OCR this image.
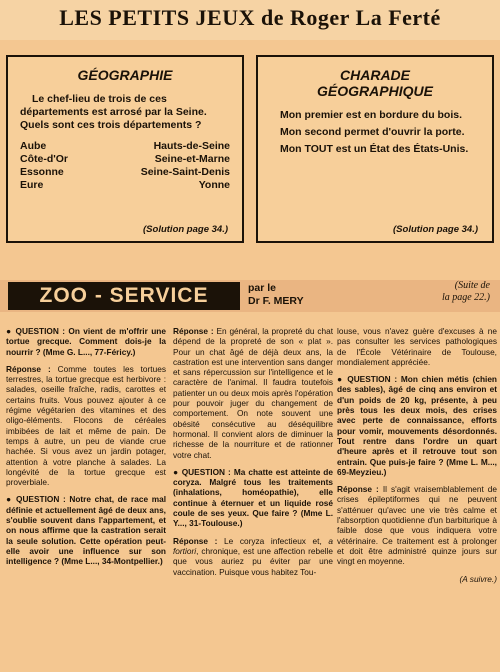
LES PETITS JEUX de Roger La Ferté
GÉOGRAPHIE

Le chef-lieu de trois de ces départements est arrosé par la Seine. Quels sont ces trois départements ?

Aube	Hauts-de-Seine
Côte-d'Or	Seine-et-Marne
Essonne	Seine-Saint-Denis
Eure	Yonne
(Solution page 34.)
CHARADE
GÉOGRAPHIQUE

Mon premier est en bordure du bois.

Mon second permet d'ouvrir la porte.

Mon TOUT est un État des États-Unis.

(Solution page 34.)
ZOO - SERVICE	par le
Dr F. MERY
(Suite de
la page 22.)

● QUESTION : On vient de m'offrir une tortue grecque. Comment dois-je la nourrir ? (Mme G. L..., 77-Féricy.)

Réponse : Comme toutes les tortues terrestres, la tortue grecque est herbivore : salades, oseille fraîche, radis, carottes et certains fruits. Vous pouvez ajouter à ce régime végétarien des vitamines et des oligo-éléments. Flocons de céréales imbibées de lait et même de pain. De temps à autre, un peu de viande crue hachée. Si vous avez un jardin potager, attention à votre planche à salades. La longévité de la tortue grecque est proverbiale.

● QUESTION : Notre chat, de race mal définie et actuellement âgé de deux ans, s'oublie souvent dans l'appartement, et on nous affirme que la castration serait la seule solution. Cette opération peut-elle avoir une influence sur son intelligence ? (Mme L..., 34-Montpellier.)

Réponse : En général, la propreté du chat dépend de la propreté de son « plat ». Pour un chat âgé de déjà deux ans, la castration est une intervention sans danger et sans répercussion sur l'intelligence et le caractère de l'animal. Il faudra toutefois patienter un ou deux mois après l'opération pour pouvoir juger du changement de comportement. On note souvent une obésité consécutive au déséquilibre hormonal. Il convient alors de diminuer la richesse de la nourriture et de rationner votre chat.

● QUESTION : Ma chatte est atteinte de coryza. Malgré tous les traitements (inhalations, homéopathie), elle continue à éternuer et un liquide rosé coule de ses yeux. Que faire ? (Mme L. Y..., 31-Toulouse.)

Réponse : Le coryza infectieux et, a fortiori, chronique, est une affection rebelle que vous auriez pu éviter par une vaccination. Puisque vous habitez Tou-

louse, vous n'avez guère d'excuses à ne pas consulter les services pathologiques de l'École Vétérinaire de Toulouse, mondialement appréciée.

● QUESTION : Mon chien métis (chien des sables), âgé de cinq ans environ et d'un poids de 20 kg, présente, à peu près tous les deux mois, des crises avec perte de connaissance, efforts pour vomir, mouvements désordonnés. Tout rentre dans l'ordre un quart d'heure après et il retrouve tout son entrain. Que puis-je faire ? (Mme L. M..., 69-Meyzieu.)

Réponse : Il s'agit vraisemblablement de crises épileptiformes qui ne peuvent s'atténuer qu'avec une vie très calme et l'absorption quotidienne d'un barbiturique à faible dose que vous indiquera votre vétérinaire. Ce traitement est à prolonger et doit être administré quinze jours sur vingt en moyenne.

(A suivre.)
